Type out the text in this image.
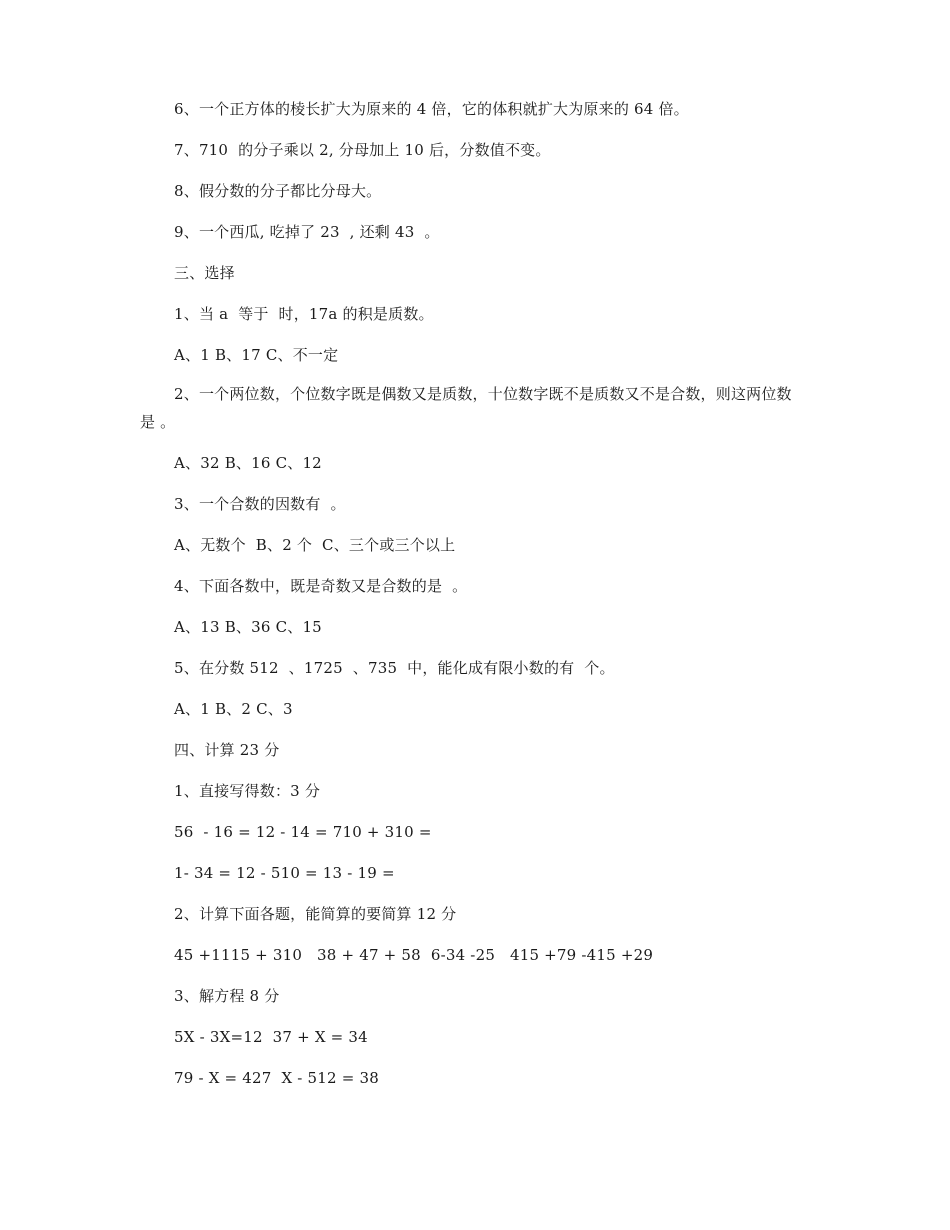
6、一个正方体的棱长扩大为原来的 4 倍，它的体积就扩大为原来的 64 倍。
7、710  的分子乘以 2, 分母加上 10 后，分数值不变。
8、假分数的分子都比分母大。
9、一个西瓜, 吃掉了 23  , 还剩 43  。
三、选择
1、当 a  等于  时，17a 的积是质数。
A、1 B、17 C、不一定
2、一个两位数，个位数字既是偶数又是质数，十位数字既不是质数又不是合数，则这两位数是 。
A、32 B、16 C、12
3、一个合数的因数有  。
A、无数个  B、2 个  C、三个或三个以上
4、下面各数中，既是奇数又是合数的是  。
A、13 B、36 C、15
5、在分数 512  、1725  、735  中，能化成有限小数的有  个。
A、1 B、2 C、3
四、计算 23 分
1、直接写得数：3 分
56  - 16 = 12 - 14 = 710 + 310 =
1- 34 = 12 - 510 = 13 - 19 =
2、计算下面各题，能简算的要简算 12 分
45 +1115 + 310   38 + 47 + 58  6-34 -25   415 +79 -415 +29
3、解方程 8 分
5X - 3X=12  37 + X = 34
79 - X = 427  X - 512 = 38
